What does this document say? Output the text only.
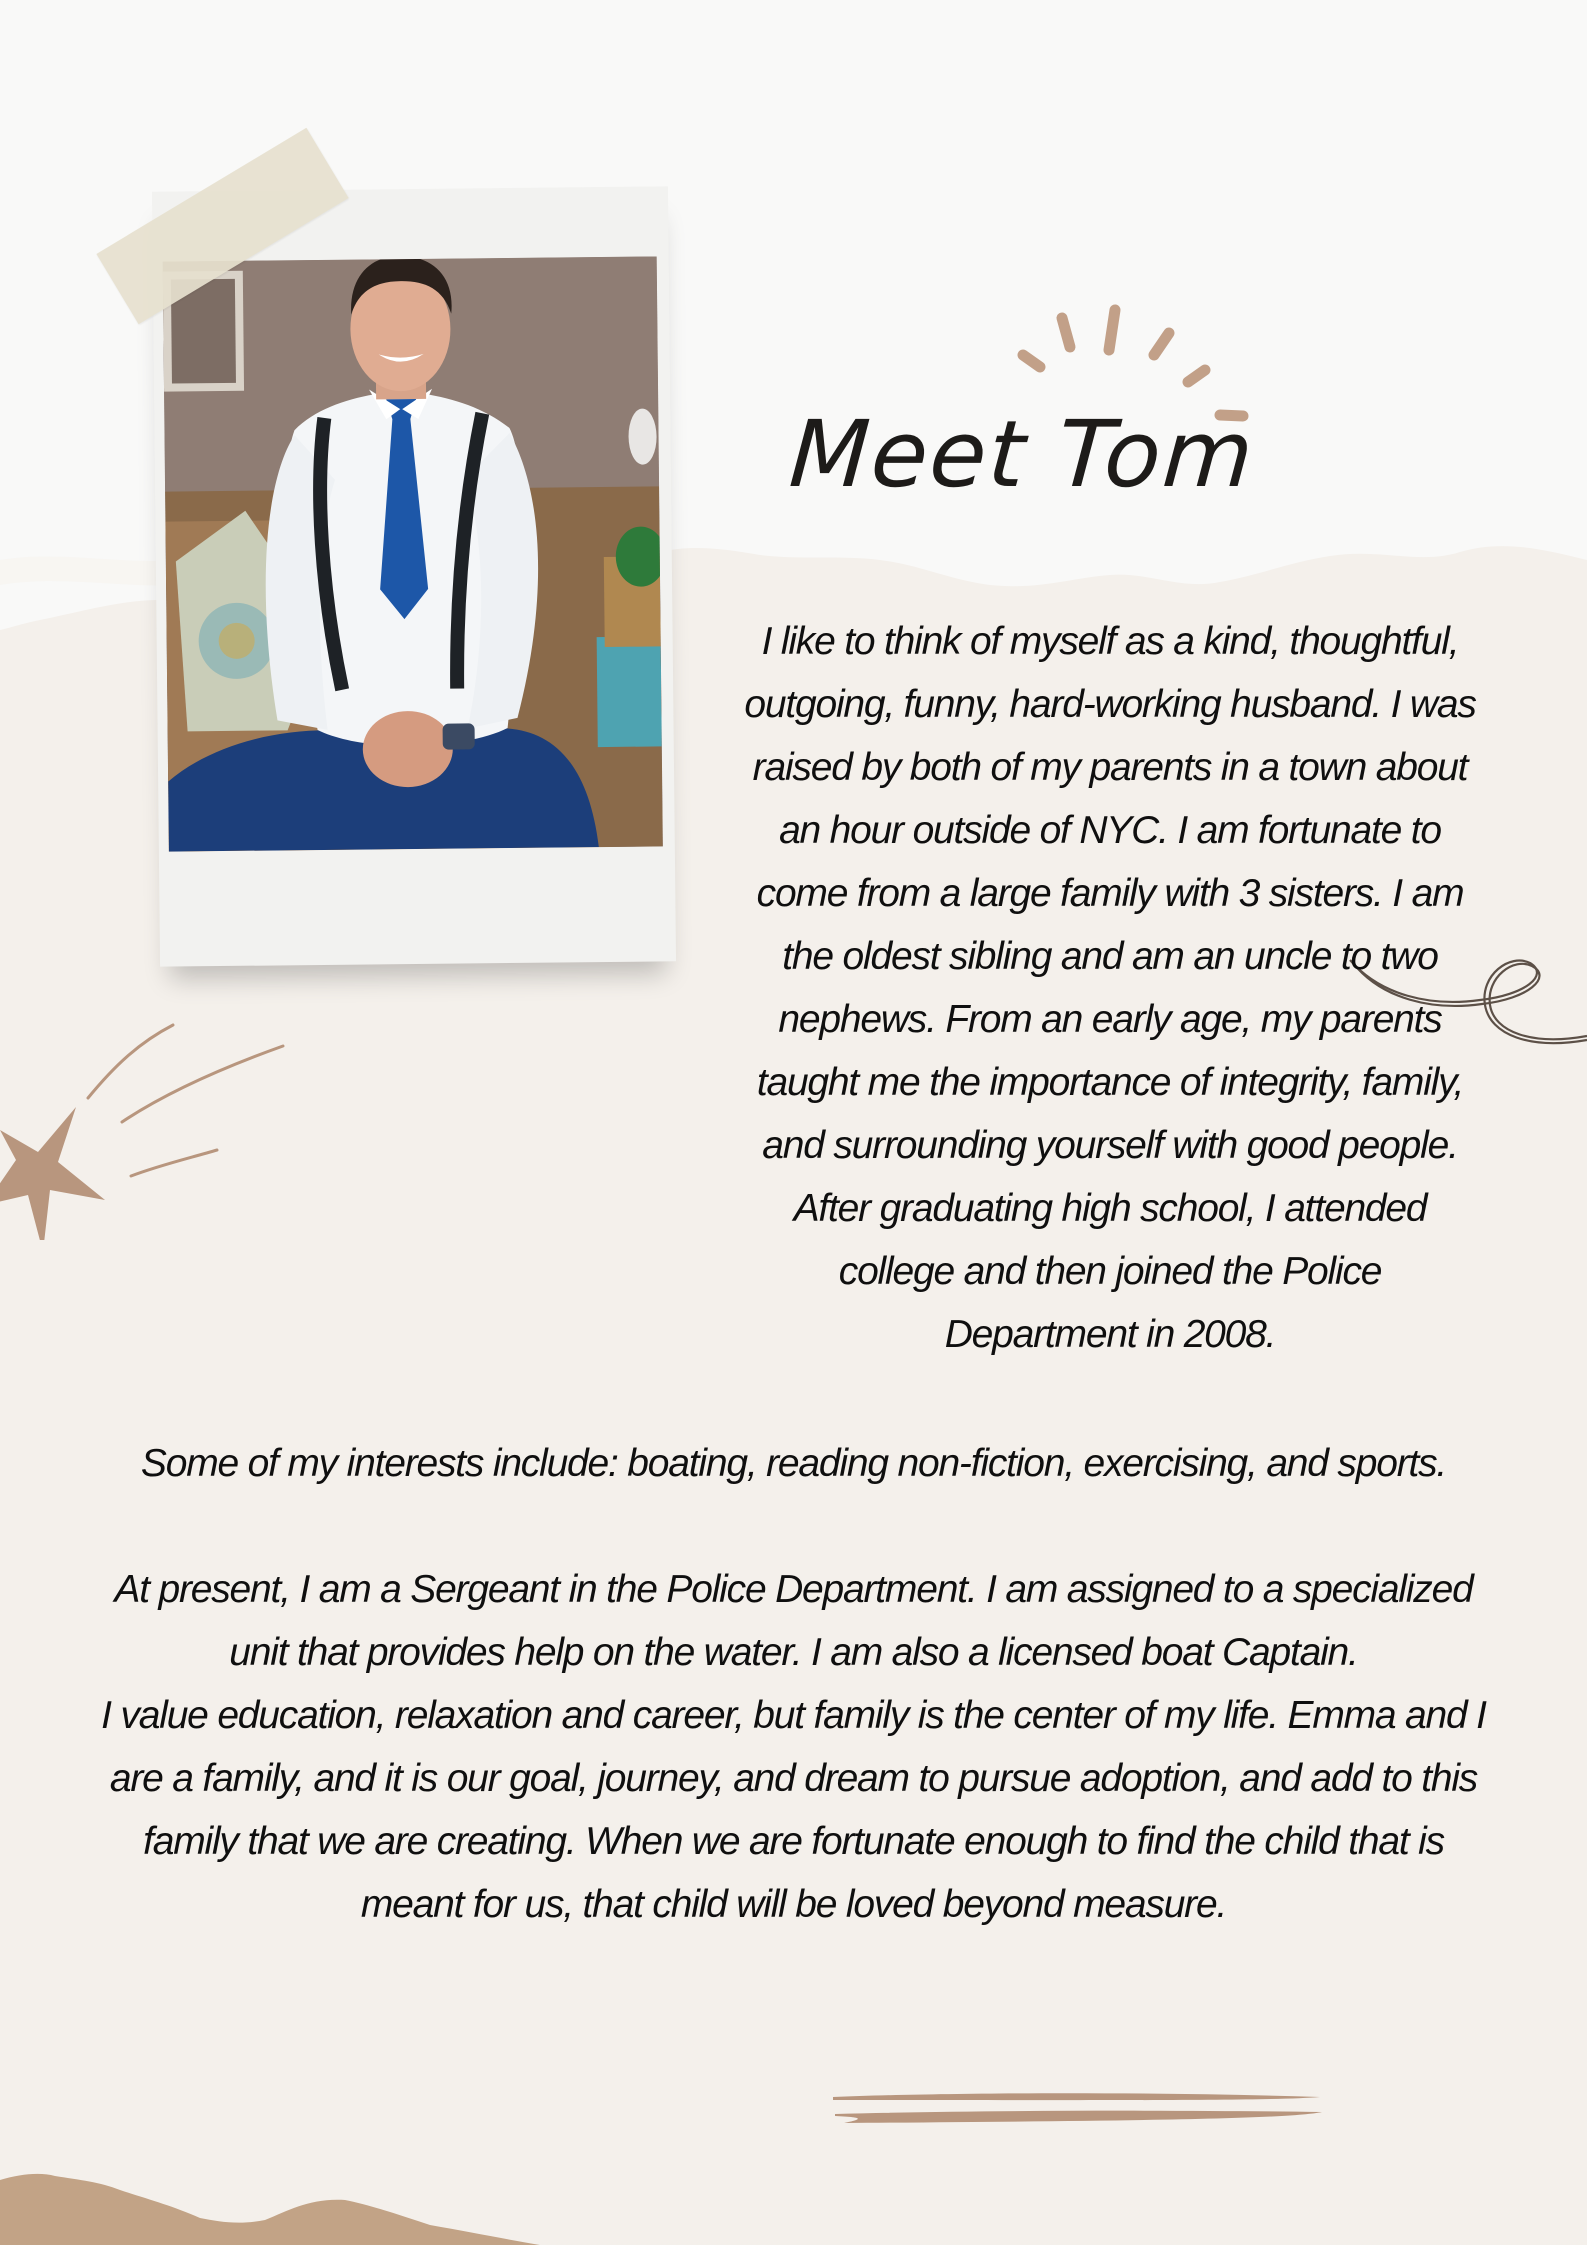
Meet Tom
I like to think of myself as a kind, thoughtful,
outgoing, funny, hard-working husband. I was
raised by both of my parents in a town about
an hour outside of NYC. I am fortunate to
come from a large family with 3 sisters. I am
the oldest sibling and am an uncle to two
nephews. From an early age, my parents
taught me the importance of integrity, family,
and surrounding yourself with good people.
After graduating high school, I attended
college and then joined the Police
Department in 2008.
Some of my interests include: boating, reading non-fiction, exercising, and sports.
At present, I am a Sergeant in the Police Department. I am assigned to a specialized
unit that provides help on the water. I am also a licensed boat Captain.
I value education, relaxation and career, but family is the center of my life. Emma and I
are a family, and it is our goal, journey, and dream to pursue adoption, and add to this
family that we are creating. When we are fortunate enough to find the child that is
meant for us, that child will be loved beyond measure.
